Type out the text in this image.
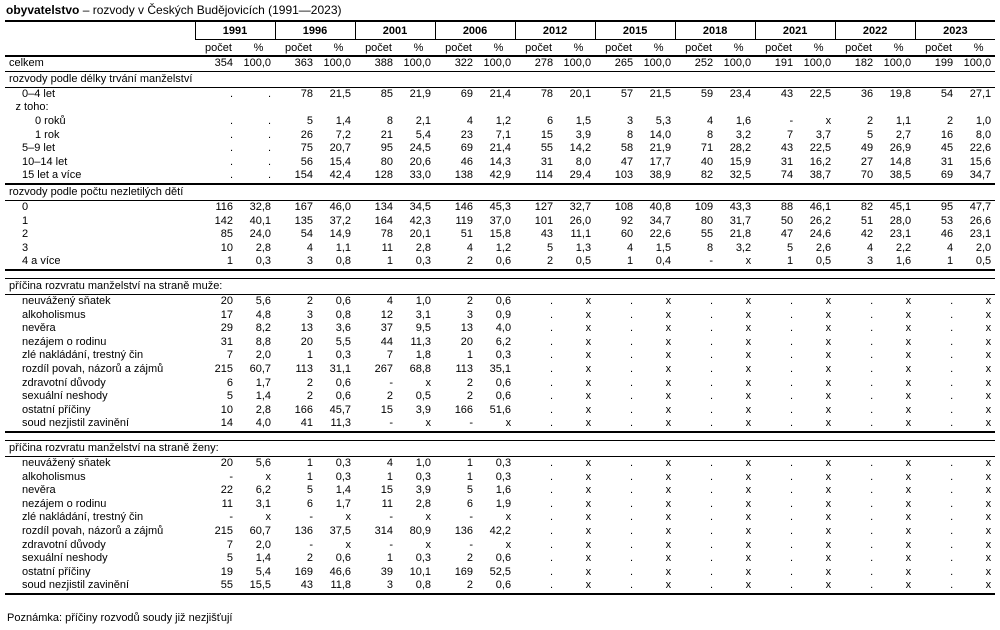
obyvatelstvo – rozvody v Českých Budějovicích (1991—2023)
	1991		1996		2001		2006		2012		2015		2018		2021		2022		2023	
	počet	%	počet	%	počet	%	počet	%	počet	%	počet	%	počet	%	počet	%	počet	%	počet	%
celkem	354	100,0	363	100,0	388	100,0	322	100,0	278	100,0	265	100,0	252	100,0	191	100,0	182	100,0	199	100,0
rozvody podle délky trvání manželství																				
0–4 let	.	.	78	21,5	85	21,9	69	21,4	78	20,1	57	21,5	59	23,4	43	22,5	36	19,8	54	27,1
z toho:																				
0 roků	.	.	5	1,4	8	2,1	4	1,2	6	1,5	3	5,3	4	1,6	-	x	2	1,1	2	1,0
1 rok	.	.	26	7,2	21	5,4	23	7,1	15	3,9	8	14,0	8	3,2	7	3,7	5	2,7	16	8,0
5–9 let	.	.	75	20,7	95	24,5	69	21,4	55	14,2	58	21,9	71	28,2	43	22,5	49	26,9	45	22,6
10–14 let	.	.	56	15,4	80	20,6	46	14,3	31	8,0	47	17,7	40	15,9	31	16,2	27	14,8	31	15,6
15 let a více	.	.	154	42,4	128	33,0	138	42,9	114	29,4	103	38,9	82	32,5	74	38,7	70	38,5	69	34,7
rozvody podle počtu nezletilých dětí																				
0	116	32,8	167	46,0	134	34,5	146	45,3	127	32,7	108	40,8	109	43,3	88	46,1	82	45,1	95	47,7
1	142	40,1	135	37,2	164	42,3	119	37,0	101	26,0	92	34,7	80	31,7	50	26,2	51	28,0	53	26,6
2	85	24,0	54	14,9	78	20,1	51	15,8	43	11,1	60	22,6	55	21,8	47	24,6	42	23,1	46	23,1
3	10	2,8	4	1,1	11	2,8	4	1,2	5	1,3	4	1,5	8	3,2	5	2,6	4	2,2	4	2,0
4 a více	1	0,3	3	0,8	1	0,3	2	0,6	2	0,5	1	0,4	-	x	1	0,5	3	1,6	1	0,5

příčina rozvratu manželství na straně muže:																				
neuvážený sňatek	20	5,6	2	0,6	4	1,0	2	0,6	.	x	.	x	.	x	.	x	.	x	.	x
alkoholismus	17	4,8	3	0,8	12	3,1	3	0,9	.	x	.	x	.	x	.	x	.	x	.	x
nevěra	29	8,2	13	3,6	37	9,5	13	4,0	.	x	.	x	.	x	.	x	.	x	.	x
nezájem o rodinu	31	8,8	20	5,5	44	11,3	20	6,2	.	x	.	x	.	x	.	x	.	x	.	x
zlé nakládání, trestný čin	7	2,0	1	0,3	7	1,8	1	0,3	.	x	.	x	.	x	.	x	.	x	.	x
rozdíl povah, názorů a zájmů	215	60,7	113	31,1	267	68,8	113	35,1	.	x	.	x	.	x	.	x	.	x	.	x
zdravotní důvody	6	1,7	2	0,6	-	x	2	0,6	.	x	.	x	.	x	.	x	.	x	.	x
sexuální neshody	5	1,4	2	0,6	2	0,5	2	0,6	.	x	.	x	.	x	.	x	.	x	.	x
ostatní příčiny	10	2,8	166	45,7	15	3,9	166	51,6	.	x	.	x	.	x	.	x	.	x	.	x
soud nezjistil zavinění	14	4,0	41	11,3	-	x	-	x	.	x	.	x	.	x	.	x	.	x	.	x

příčina rozvratu manželství na straně ženy:																				
neuvážený sňatek	20	5,6	1	0,3	4	1,0	1	0,3	.	x	.	x	.	x	.	x	.	x	.	x
alkoholismus	-	x	1	0,3	1	0,3	1	0,3	.	x	.	x	.	x	.	x	.	x	.	x
nevěra	22	6,2	5	1,4	15	3,9	5	1,6	.	x	.	x	.	x	.	x	.	x	.	x
nezájem o rodinu	11	3,1	6	1,7	11	2,8	6	1,9	.	x	.	x	.	x	.	x	.	x	.	x
zlé nakládání, trestný čin	-	x	-	x	-	x	-	x	.	x	.	x	.	x	.	x	.	x	.	x
rozdíl povah, názorů a zájmů	215	60,7	136	37,5	314	80,9	136	42,2	.	x	.	x	.	x	.	x	.	x	.	x
zdravotní důvody	7	2,0	-	x	-	x	-	x	.	x	.	x	.	x	.	x	.	x	.	x
sexuální neshody	5	1,4	2	0,6	1	0,3	2	0,6	.	x	.	x	.	x	.	x	.	x	.	x
ostatní příčiny	19	5,4	169	46,6	39	10,1	169	52,5	.	x	.	x	.	x	.	x	.	x	.	x
soud nezjistil zavinění	55	15,5	43	11,8	3	0,8	2	0,6	.	x	.	x	.	x	.	x	.	x	.	x
Poznámka: příčiny rozvodů soudy již nezjišťují
